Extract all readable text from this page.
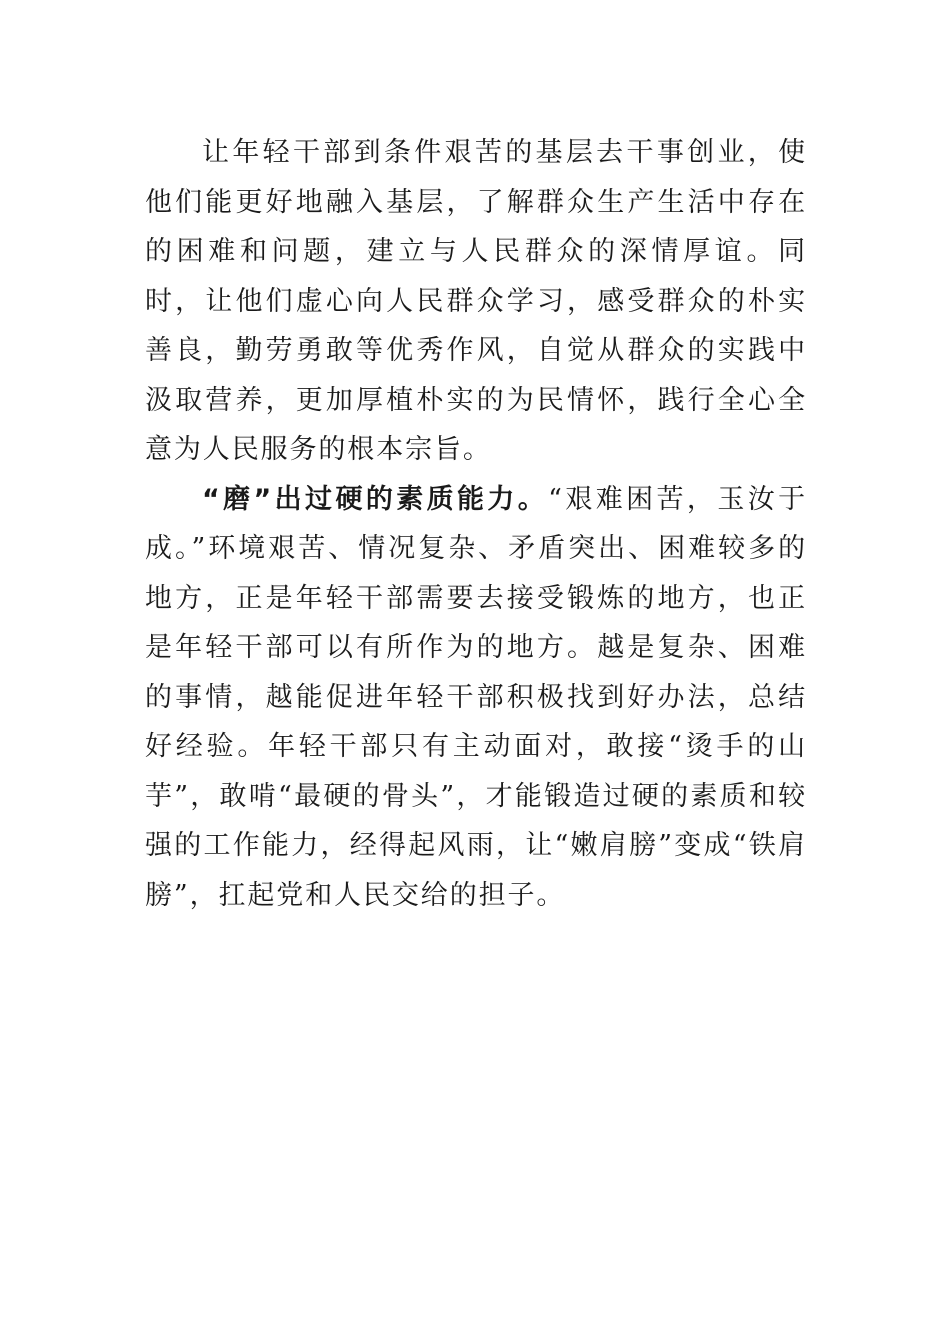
让年轻干部到条件艰苦的基层去干事创业，使他们能更好地融入基层，了解群众生产生活中存在的困难和问题，建立与人民群众的深情厚谊。同时，让他们虚心向人民群众学习，感受群众的朴实善良，勤劳勇敢等优秀作风，自觉从群众的实践中汲取营养，更加厚植朴实的为民情怀，践行全心全意为人民服务的根本宗旨。

“磨”出过硬的素质能力。“艰难困苦，玉汝于成。”环境艰苦、情况复杂、矛盾突出、困难较多的地方，正是年轻干部需要去接受锻炼的地方，也正是年轻干部可以有所作为的地方。越是复杂、困难的事情，越能促进年轻干部积极找到好办法，总结好经验。年轻干部只有主动面对，敢接“烫手的山芋”，敢啃“最硬的骨头”，才能锻造过硬的素质和较强的工作能力，经得起风雨，让“嫩肩膀”变成“铁肩膀”，扛起党和人民交给的担子。
